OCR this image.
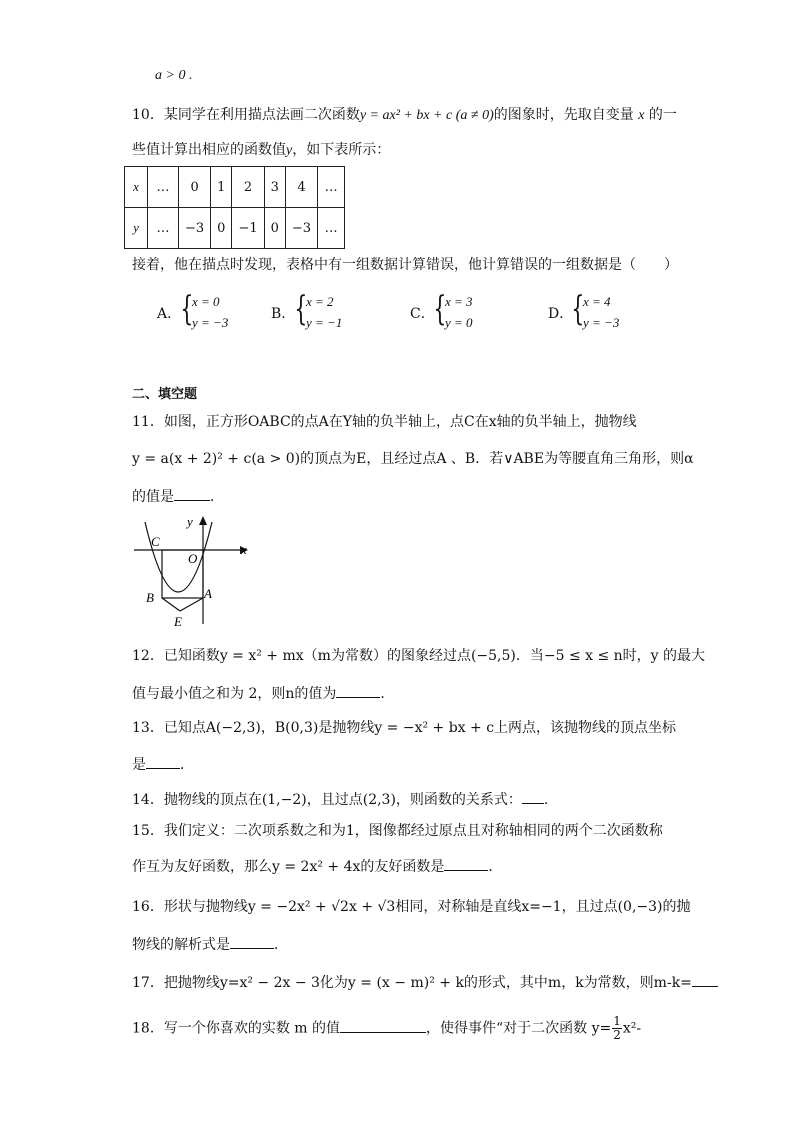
a > 0 .
10．某同学在利用描点法画二次函数y = ax² + bx + c (a ≠ 0)的图象时，先取自变量 x 的一
些值计算出相应的函数值y，如下表所示：
x	…	0	1	2	3	4	…
y	…	−3	0	−1	0	−3	…
接着，他在描点时发现，表格中有一组数据计算错误，他计算错误的一组数据是（　　）
A． {
x = 0
y = −3
B． {
x = 2
y = −1
C．
{
x = 3
y = 0
D．
{
x = 4
y = −3
二、填空题
11．如图，正方形OABC的点A在Y轴的负半轴上，点C在x轴的负半轴上，抛物线
y = a(x + 2)² + c(a > 0)的顶点为E，且经过点A 、B．若∨ABE为等腰直角三角形，则α
的值是	．
y
x
C
O
B	A
E
12．已知函数y = x² + mx（m为常数）的图象经过点(−5,5)．当−5 ≤ x ≤ n时，y 的最大
值与最小值之和为 2，则n的值为	．
13．已知点A(−2,3)，B(0,3)是抛物线y = −x² + bx + c上两点，该抛物线的顶点坐标
是 ．
14．抛物线的顶点在(1,−2)，且过点(2,3)，则函数的关系式： .
15．我们定义：二次项系数之和为1，图像都经过原点且对称轴相同的两个二次函数称
作互为友好函数，那么y = 2x² + 4x的友好函数是	．
16．形状与抛物线y = −2x² + √2x + √3相同，对称轴是直线x=−1，且过点(0,−3)的抛
物线的解析式是	．
17．把抛物线y=x² − 2x − 3化为y = (x − m)² + k的形式，其中m，k为常数，则m-k=
18．写一个你喜欢的实数 m 的值	，使得事件“对于二次函数 $y= \frac{1}{2} x^2-$
